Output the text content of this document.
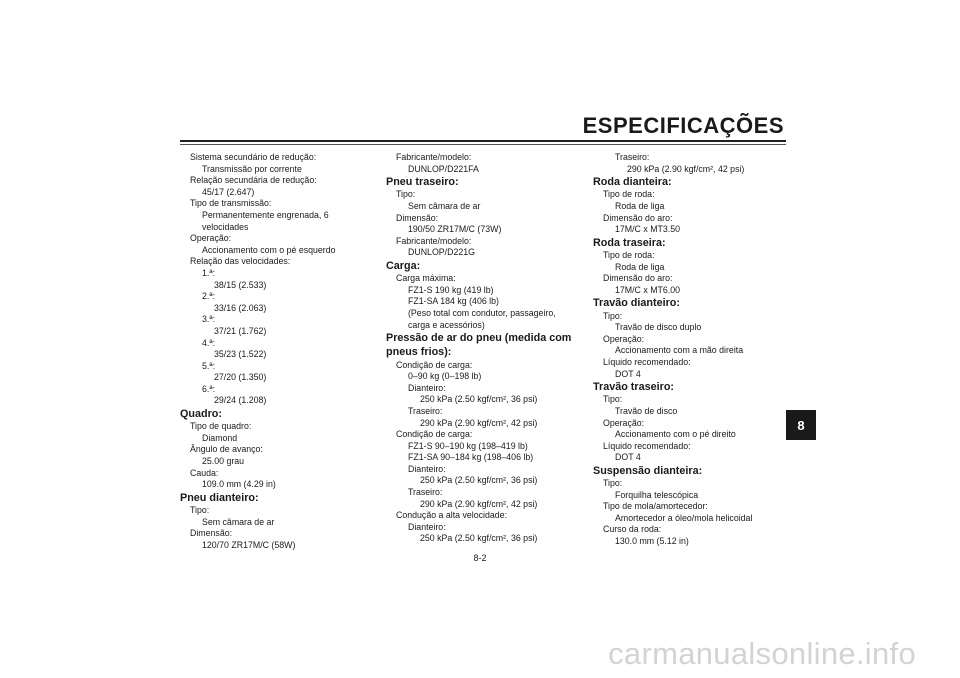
ESPECIFICAÇÕES
Sistema secundário de redução:
Transmissão por corrente
Relação secundária de redução:
45/17 (2.647)
Tipo de transmissão:
Permanentemente engrenada, 6
velocidades
Operação:
Accionamento com o pé esquerdo
Relação das velocidades:
1.ª:
38/15 (2.533)
2.ª:
33/16 (2.063)
3.ª:
37/21 (1.762)
4.ª:
35/23 (1.522)
5.ª:
27/20 (1.350)
6.ª:
29/24 (1.208)
Quadro:
Tipo de quadro:
Diamond
Ângulo de avanço:
25.00 grau
Cauda:
109.0 mm (4.29 in)
Pneu dianteiro:
Tipo:
Sem câmara de ar
Dimensão:
120/70 ZR17M/C (58W)
Fabricante/modelo:
DUNLOP/D221FA
Pneu traseiro:
Tipo:
Sem câmara de ar
Dimensão:
190/50 ZR17M/C (73W)
Fabricante/modelo:
DUNLOP/D221G
Carga:
Carga máxima:
FZ1-S 190 kg (419 lb)
FZ1-SA 184 kg (406 lb)
(Peso total com condutor, passageiro,
carga e acessórios)
Pressão de ar do pneu (medida com
pneus frios):
Condição de carga:
0–90 kg (0–198 lb)
Dianteiro:
250 kPa (2.50 kgf/cm², 36 psi)
Traseiro:
290 kPa (2.90 kgf/cm², 42 psi)
Condição de carga:
FZ1-S 90–190 kg (198–419 lb)
FZ1-SA 90–184 kg (198–406 lb)
Dianteiro:
250 kPa (2.50 kgf/cm², 36 psi)
Traseiro:
290 kPa (2.90 kgf/cm², 42 psi)
Condução a alta velocidade:
Dianteiro:
250 kPa (2.50 kgf/cm², 36 psi)
Traseiro:
290 kPa (2.90 kgf/cm², 42 psi)
Roda dianteira:
Tipo de roda:
Roda de liga
Dimensão do aro:
17M/C x MT3.50
Roda traseira:
Tipo de roda:
Roda de liga
Dimensão do aro:
17M/C x MT6.00
Travão dianteiro:
Tipo:
Travão de disco duplo
Operação:
Accionamento com a mão direita
Líquido recomendado:
DOT 4
Travão traseiro:
Tipo:
Travão de disco
Operação:
Accionamento com o pé direito
Líquido recomendado:
DOT 4
Suspensão dianteira:
Tipo:
Forquilha telescópica
Tipo de mola/amortecedor:
Amortecedor a óleo/mola helicoidal
Curso da roda:
130.0 mm (5.12 in)
8
8-2
carmanualsonline.info
